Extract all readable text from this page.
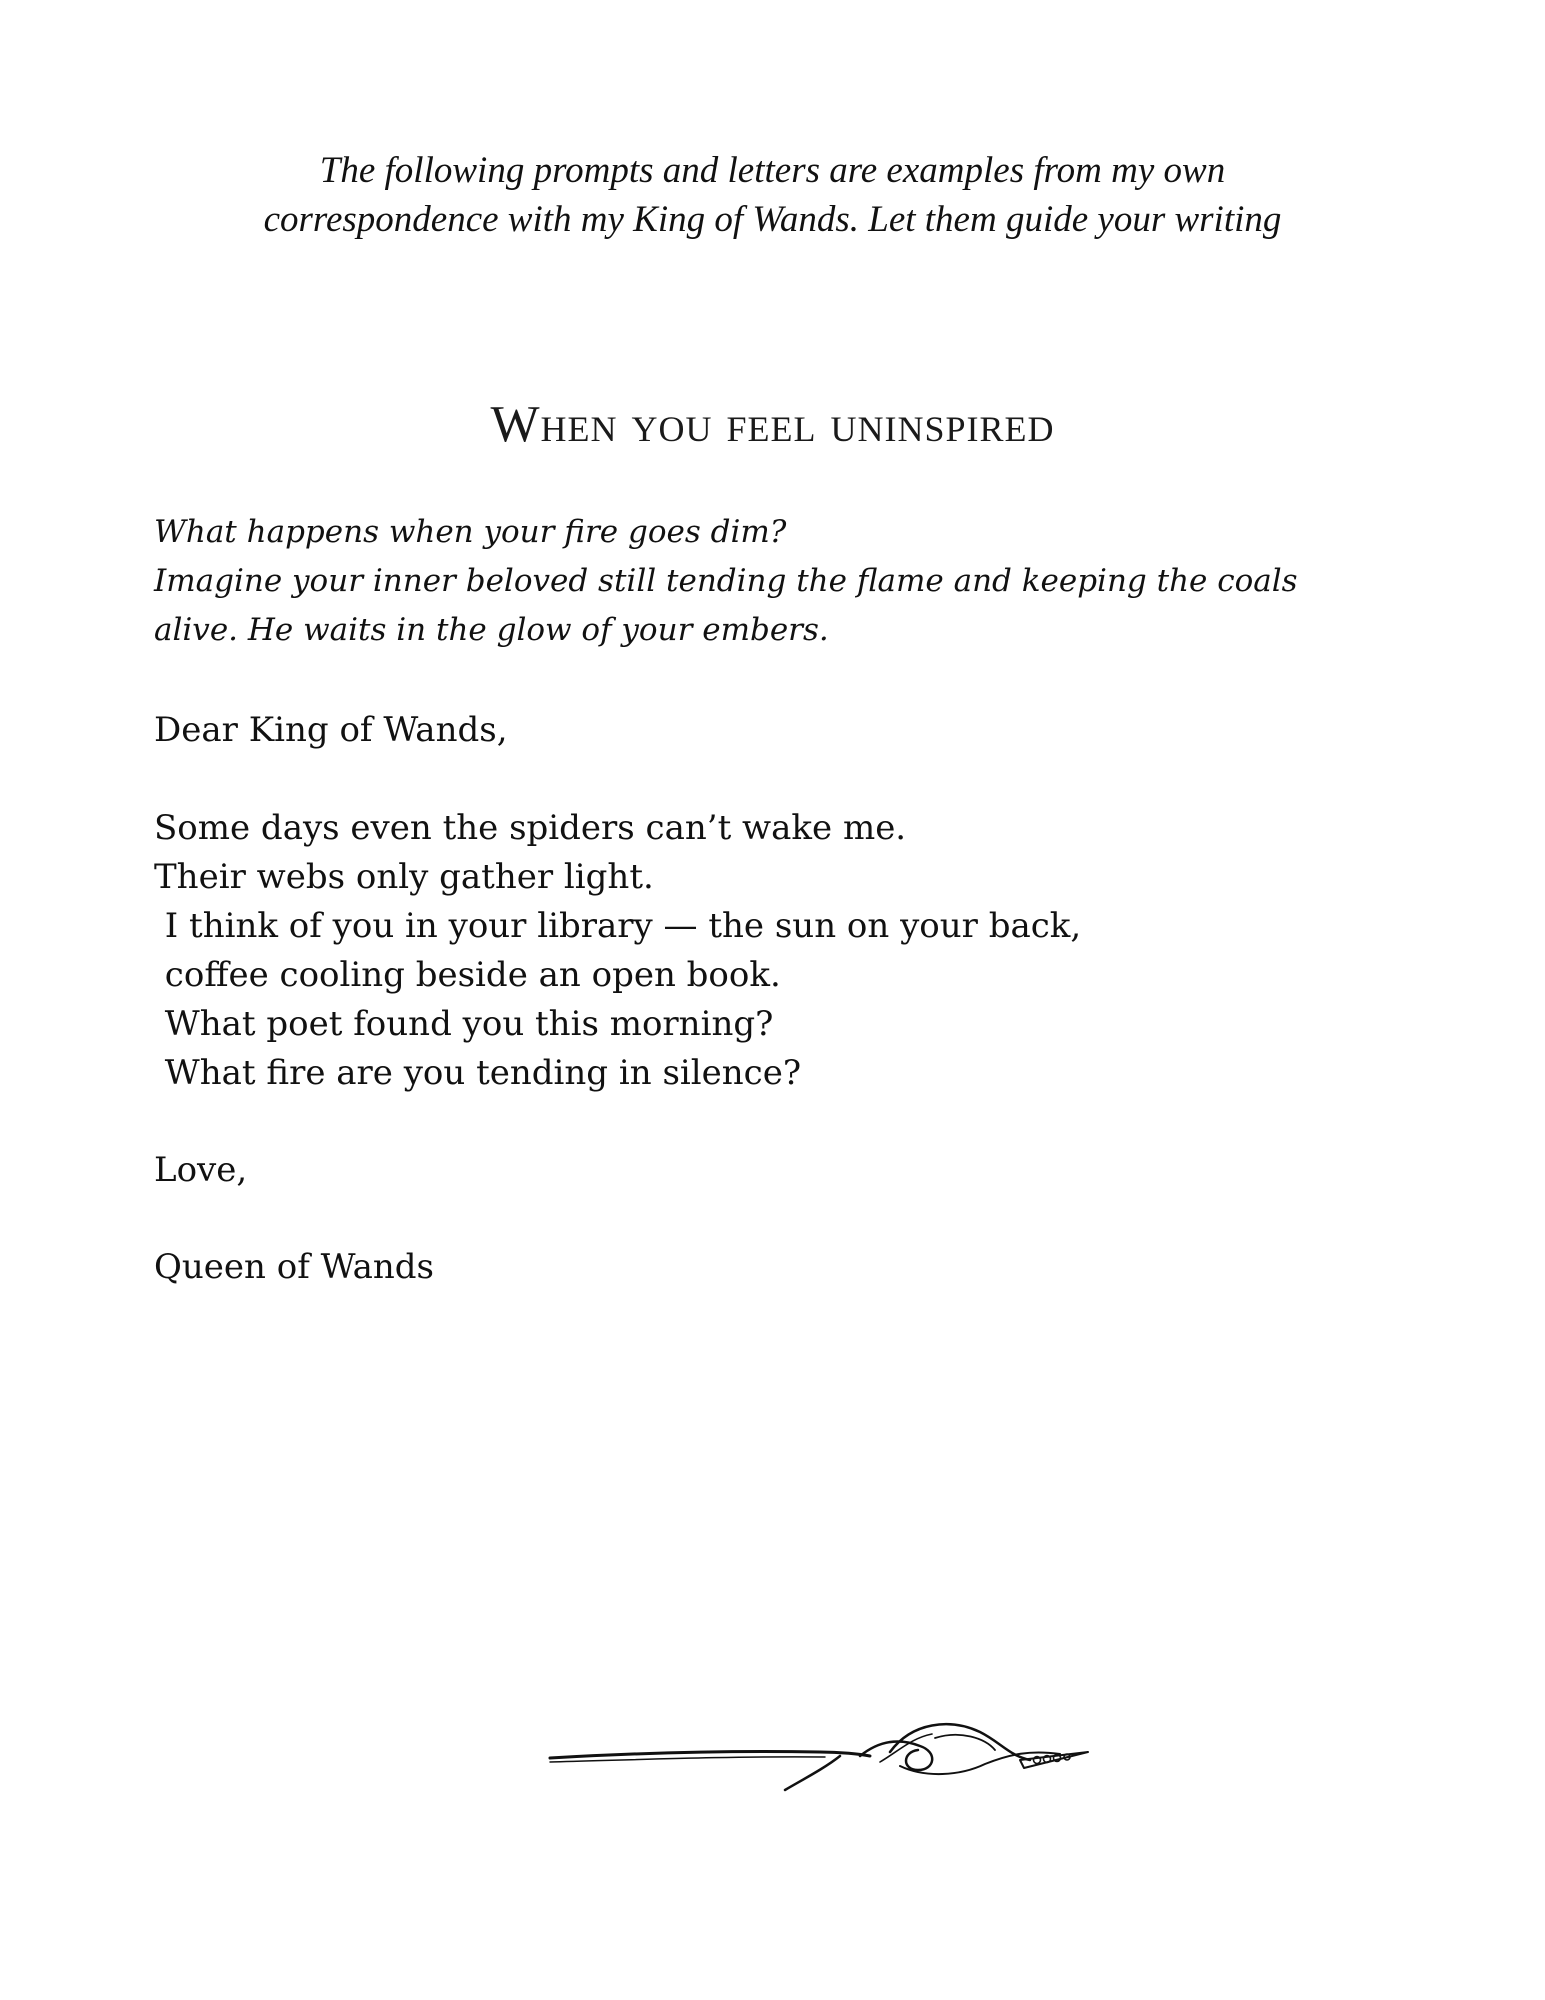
The following prompts and letters are examples from my own
correspondence with my King of Wands. Let them guide your writing
When you feel uninspired
What happens when your fire goes dim?
Imagine your inner beloved still tending the flame and keeping the coals
alive. He waits in the glow of your embers.
Dear King of Wands,
Some days even the spiders can’t wake me.
Their webs only gather light.
I think of you in your library — the sun on your back,
coffee cooling beside an open book.
What poet found you this morning?
What fire are you tending in silence?
Love,
Queen of Wands
